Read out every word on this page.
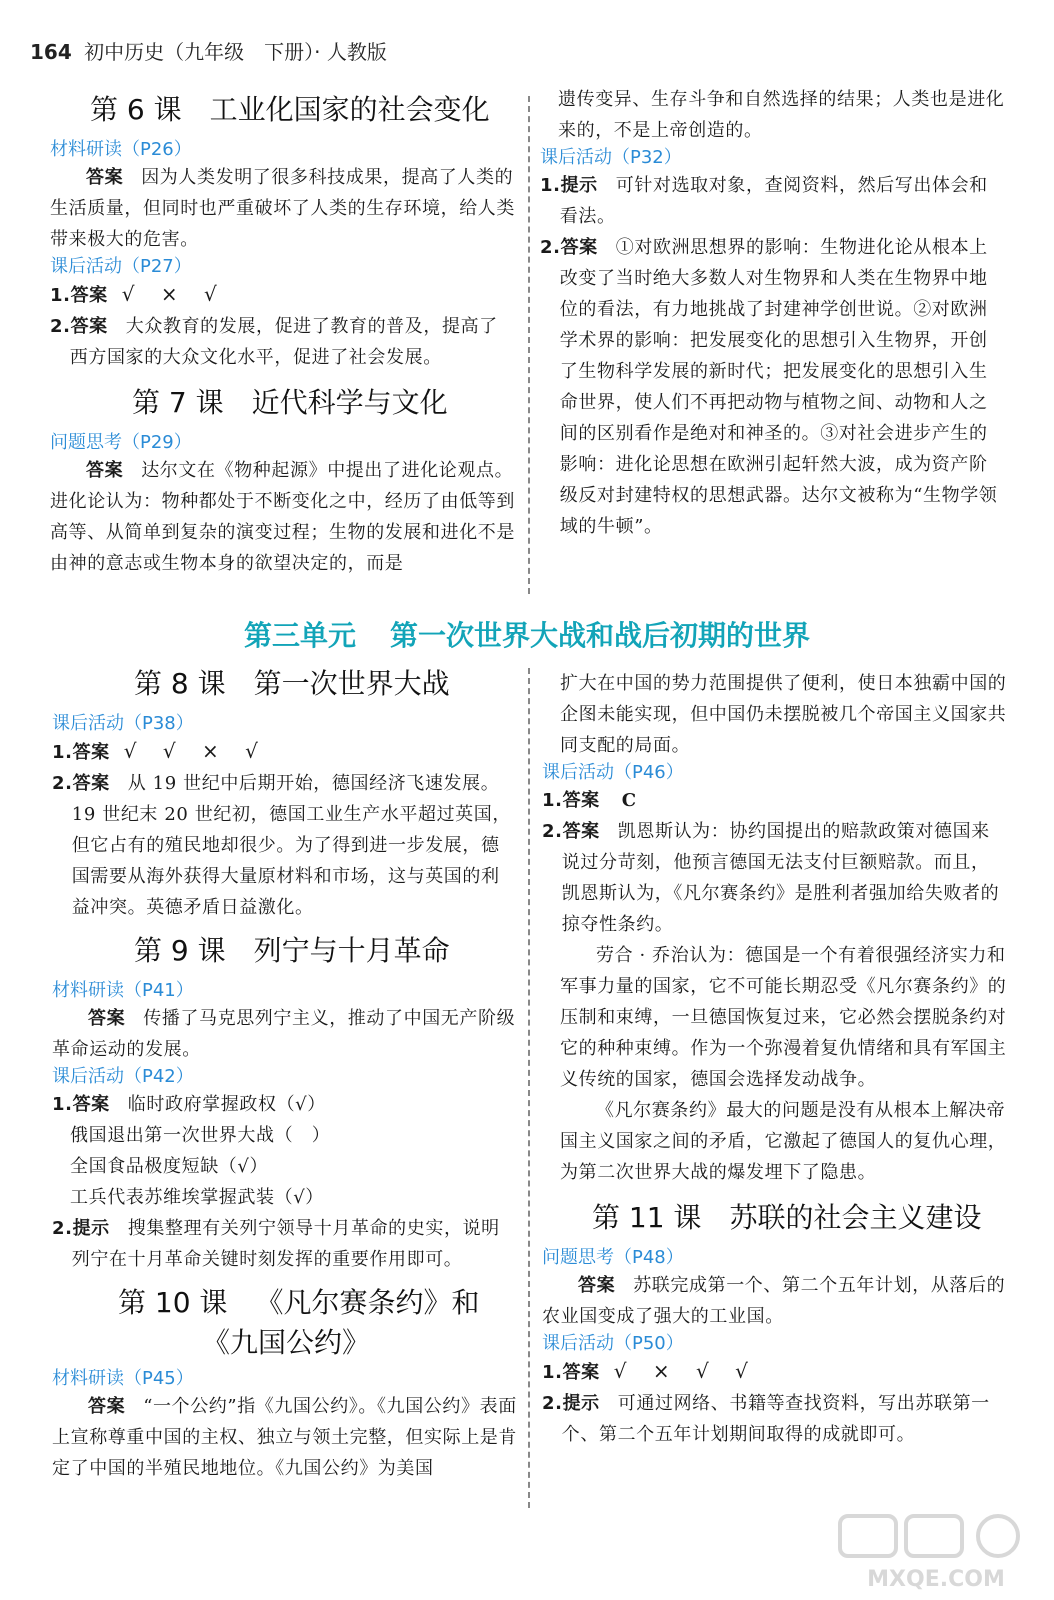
164 初中历史（九年级　下册）· 人教版
第 6 课 工业化国家的社会变化
材料研读（P26）
答案 因为人类发明了很多科技成果，提高了人类的生活质量，但同时也严重破坏了人类的生存环境，给人类带来极大的危害。
课后活动（P27）
1.答案 √ × √
2.答案 大众教育的发展，促进了教育的普及，提高了西方国家的大众文化水平，促进了社会发展。
第 7 课 近代科学与文化
问题思考（P29）
答案 达尔文在《物种起源》中提出了进化论观点。进化论认为：物种都处于不断变化之中，经历了由低等到高等、从简单到复杂的演变过程；生物的发展和进化不是由神的意志或生物本身的欲望决定的，而是
遗传变异、生存斗争和自然选择的结果；人类也是进化来的，不是上帝创造的。
课后活动（P32）
1.提示 可针对选取对象，查阅资料，然后写出体会和看法。
2.答案 ①对欧洲思想界的影响：生物进化论从根本上改变了当时绝大多数人对生物界和人类在生物界中地位的看法，有力地挑战了封建神学创世说。②对欧洲学术界的影响：把发展变化的思想引入生物界，开创了生物科学发展的新时代；把发展变化的思想引入生命世界，使人们不再把动物与植物之间、动物和人之间的区别看作是绝对和神圣的。③对社会进步产生的影响：进化论思想在欧洲引起轩然大波，成为资产阶级反对封建特权的思想武器。达尔文被称为“生物学领域的牛顿”。
第三单元 第一次世界大战和战后初期的世界
第 8 课 第一次世界大战
课后活动（P38）
1.答案 √ √ × √
2.答案 从 19 世纪中后期开始，德国经济飞速发展。19 世纪末 20 世纪初，德国工业生产水平超过英国，但它占有的殖民地却很少。为了得到进一步发展，德国需要从海外获得大量原材料和市场，这与英国的利益冲突。英德矛盾日益激化。
第 9 课 列宁与十月革命
材料研读（P41）
答案 传播了马克思列宁主义，推动了中国无产阶级革命运动的发展。
课后活动（P42）
1.答案 临时政府掌握政权（√）
俄国退出第一次世界大战（　）
全国食品极度短缺（√）
工兵代表苏维埃掌握武装（√）
2.提示 搜集整理有关列宁领导十月革命的史实，说明列宁在十月革命关键时刻发挥的重要作用即可。
第 10 课 《凡尔赛条约》和
《九国公约》
材料研读（P45）
答案 “一个公约”指《九国公约》。《九国公约》表面上宣称尊重中国的主权、独立与领土完整，但实际上是肯定了中国的半殖民地地位。《九国公约》为美国
扩大在中国的势力范围提供了便利，使日本独霸中国的企图未能实现，但中国仍未摆脱被几个帝国主义国家共同支配的局面。
课后活动（P46）
1.答案 C
2.答案 凯恩斯认为：协约国提出的赔款政策对德国来说过分苛刻，他预言德国无法支付巨额赔款。而且，凯恩斯认为，《凡尔赛条约》是胜利者强加给失败者的掠夺性条约。
劳合 · 乔治认为：德国是一个有着很强经济实力和军事力量的国家，它不可能长期忍受《凡尔赛条约》的压制和束缚，一旦德国恢复过来，它必然会摆脱条约对它的种种束缚。作为一个弥漫着复仇情绪和具有军国主义传统的国家，德国会选择发动战争。
《凡尔赛条约》最大的问题是没有从根本上解决帝国主义国家之间的矛盾，它激起了德国人的复仇心理，为第二次世界大战的爆发埋下了隐患。
第 11 课 苏联的社会主义建设
问题思考（P48）
答案 苏联完成第一个、第二个五年计划，从落后的农业国变成了强大的工业国。
课后活动（P50）
1.答案 √ × √ √
2.提示 可通过网络、书籍等查找资料，写出苏联第一个、第二个五年计划期间取得的成就即可。
MXQE.COM
